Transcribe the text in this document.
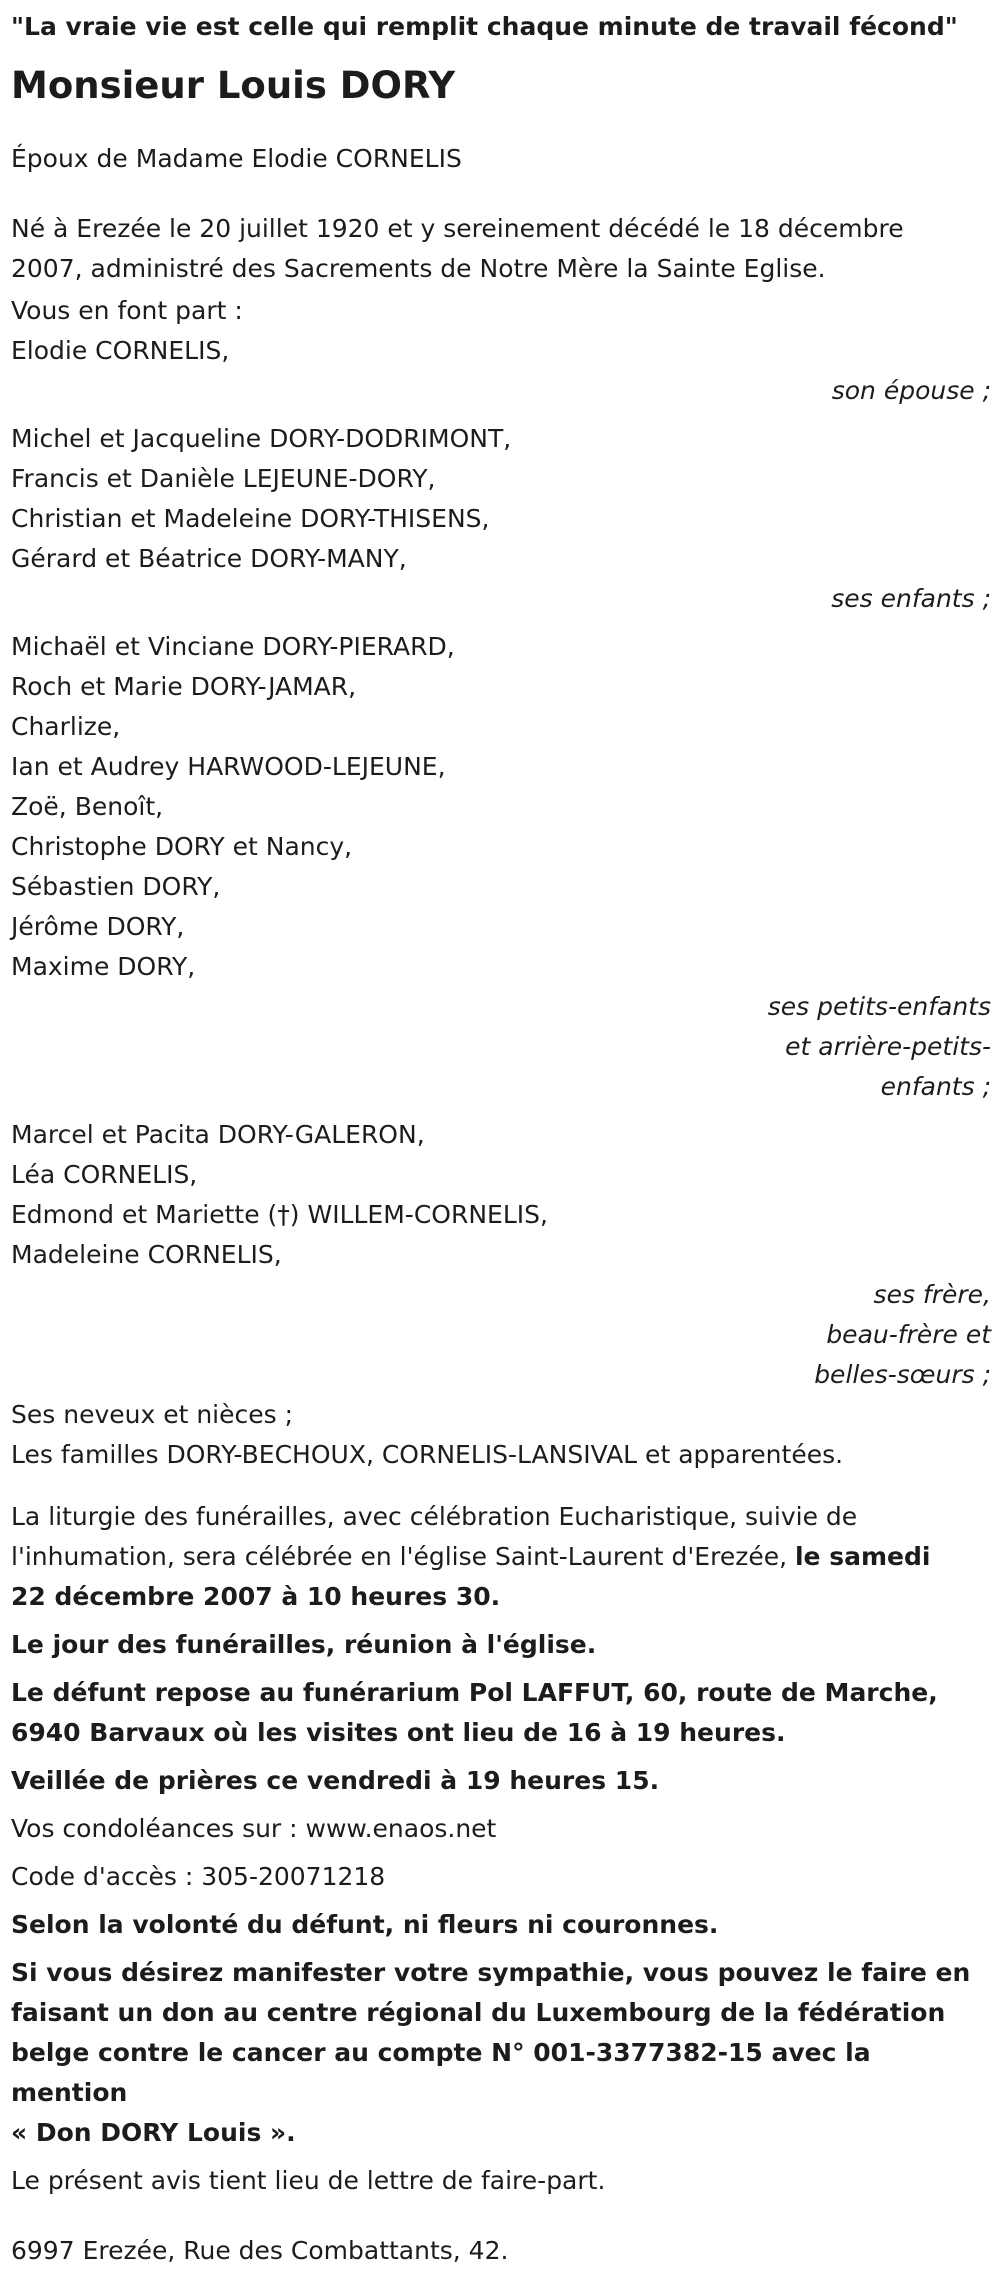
"La vraie vie est celle qui remplit chaque minute de travail fécond"

Monsieur Louis DORY

Époux de Madame Elodie CORNELIS

Né à Erezée le 20 juillet 1920 et y sereinement décédé le 18 décembre

2007, administré des Sacrements de Notre Mère la Sainte Eglise.

Vous en font part :

Elodie CORNELIS,

son épouse ;

Michel et Jacqueline DORY-DODRIMONT,

Francis et Danièle LEJEUNE-DORY,

Christian et Madeleine DORY-THISENS,

Gérard et Béatrice DORY-MANY,

ses enfants ;

Michaël et Vinciane DORY-PIERARD,

Roch et Marie DORY-JAMAR,

Charlize,

Ian et Audrey HARWOOD-LEJEUNE,

Zoë, Benoît,

Christophe DORY et Nancy,

Sébastien DORY,

Jérôme DORY,

Maxime DORY,

ses petits-enfants

et arrière-petits-

enfants ;

Marcel et Pacita DORY-GALERON,

Léa CORNELIS,

Edmond et Mariette (†) WILLEM-CORNELIS,

Madeleine CORNELIS,

ses frère,

beau-frère et

belles-sœurs ;

Ses neveux et nièces ;

Les familles DORY-BECHOUX, CORNELIS-LANSIVAL et apparentées.

La liturgie des funérailles, avec célébration Eucharistique, suivie de

l'inhumation, sera célébrée en l'église Saint-Laurent d'Erezée, le samedi

22 décembre 2007 à 10 heures 30.

Le jour des funérailles, réunion à l'église.

Le défunt repose au funérarium Pol LAFFUT, 60, route de Marche,

6940 Barvaux où les visites ont lieu de 16 à 19 heures.

Veillée de prières ce vendredi à 19 heures 15.

Vos condoléances sur : www.enaos.net

Code d'accès : 305-20071218

Selon la volonté du défunt, ni fleurs ni couronnes.

Si vous désirez manifester votre sympathie, vous pouvez le faire en

faisant un don au centre régional du Luxembourg de la fédération

belge contre le cancer au compte N° 001-3377382-15 avec la mention

« Don DORY Louis ».

Le présent avis tient lieu de lettre de faire-part.

6997 Erezée, Rue des Combattants, 42.
